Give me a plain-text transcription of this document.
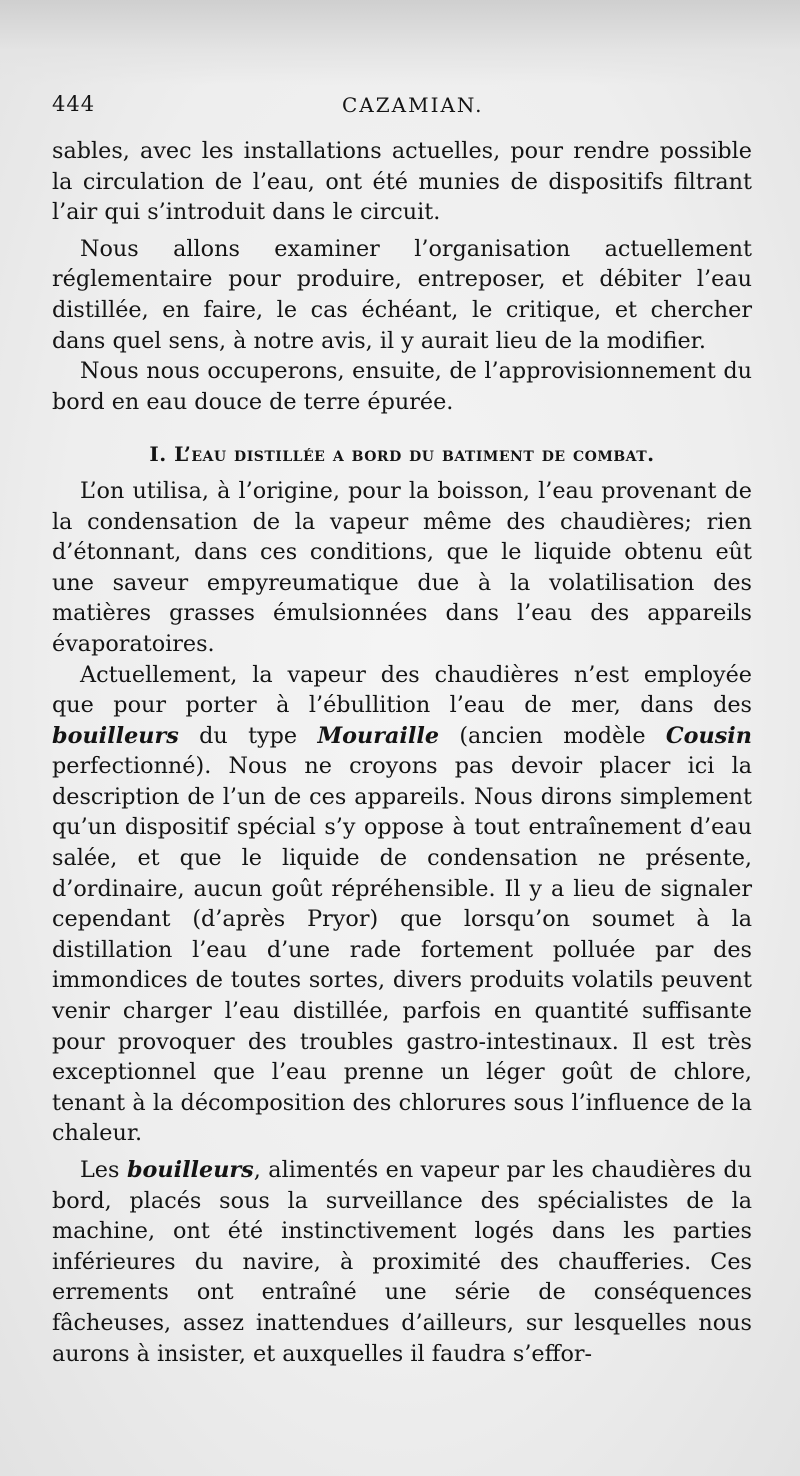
444	CAZAMIAN.

sables, avec les installations actuelles, pour rendre possible la circulation de l’eau, ont été munies de dispositifs filtrant l’air qui s’introduit dans le circuit.

Nous allons examiner l’organisation actuellement réglementaire pour produire, entreposer, et débiter l’eau distillée, en faire, le cas échéant, le critique, et chercher dans quel sens, à notre avis, il y aurait lieu de la modifier.

Nous nous occuperons, ensuite, de l’approvisionnement du bord en eau douce de terre épurée.

I. L’eau distillée a bord du batiment de combat.

L’on utilisa, à l’origine, pour la boisson, l’eau provenant de la condensation de la vapeur même des chaudières; rien d’étonnant, dans ces conditions, que le liquide obtenu eût une saveur empyreumatique due à la volatilisation des matières grasses émulsionnées dans l’eau des appareils évaporatoires.

Actuellement, la vapeur des chaudières n’est employée que pour porter à l’ébullition l’eau de mer, dans des bouilleurs du type Mouraille (ancien modèle Cousin perfectionné). Nous ne croyons pas devoir placer ici la description de l’un de ces appareils. Nous dirons simplement qu’un dispositif spécial s’y oppose à tout entraînement d’eau salée, et que le liquide de condensation ne présente, d’ordinaire, aucun goût répréhensible. Il y a lieu de signaler cependant (d’après Pryor) que lorsqu’on soumet à la distillation l’eau d’une rade fortement polluée par des immondices de toutes sortes, divers produits volatils peuvent venir charger l’eau distillée, parfois en quantité suffisante pour provoquer des troubles gastro-intestinaux. Il est très exceptionnel que l’eau prenne un léger goût de chlore, tenant à la décomposition des chlorures sous l’influence de la chaleur.

Les bouilleurs, alimentés en vapeur par les chaudières du bord, placés sous la surveillance des spécialistes de la machine, ont été instinctivement logés dans les parties inférieures du navire, à proximité des chaufferies. Ces errements ont entraîné une série de conséquences fâcheuses, assez inattendues d’ailleurs, sur lesquelles nous aurons à insister, et auxquelles il faudra s’effor-
